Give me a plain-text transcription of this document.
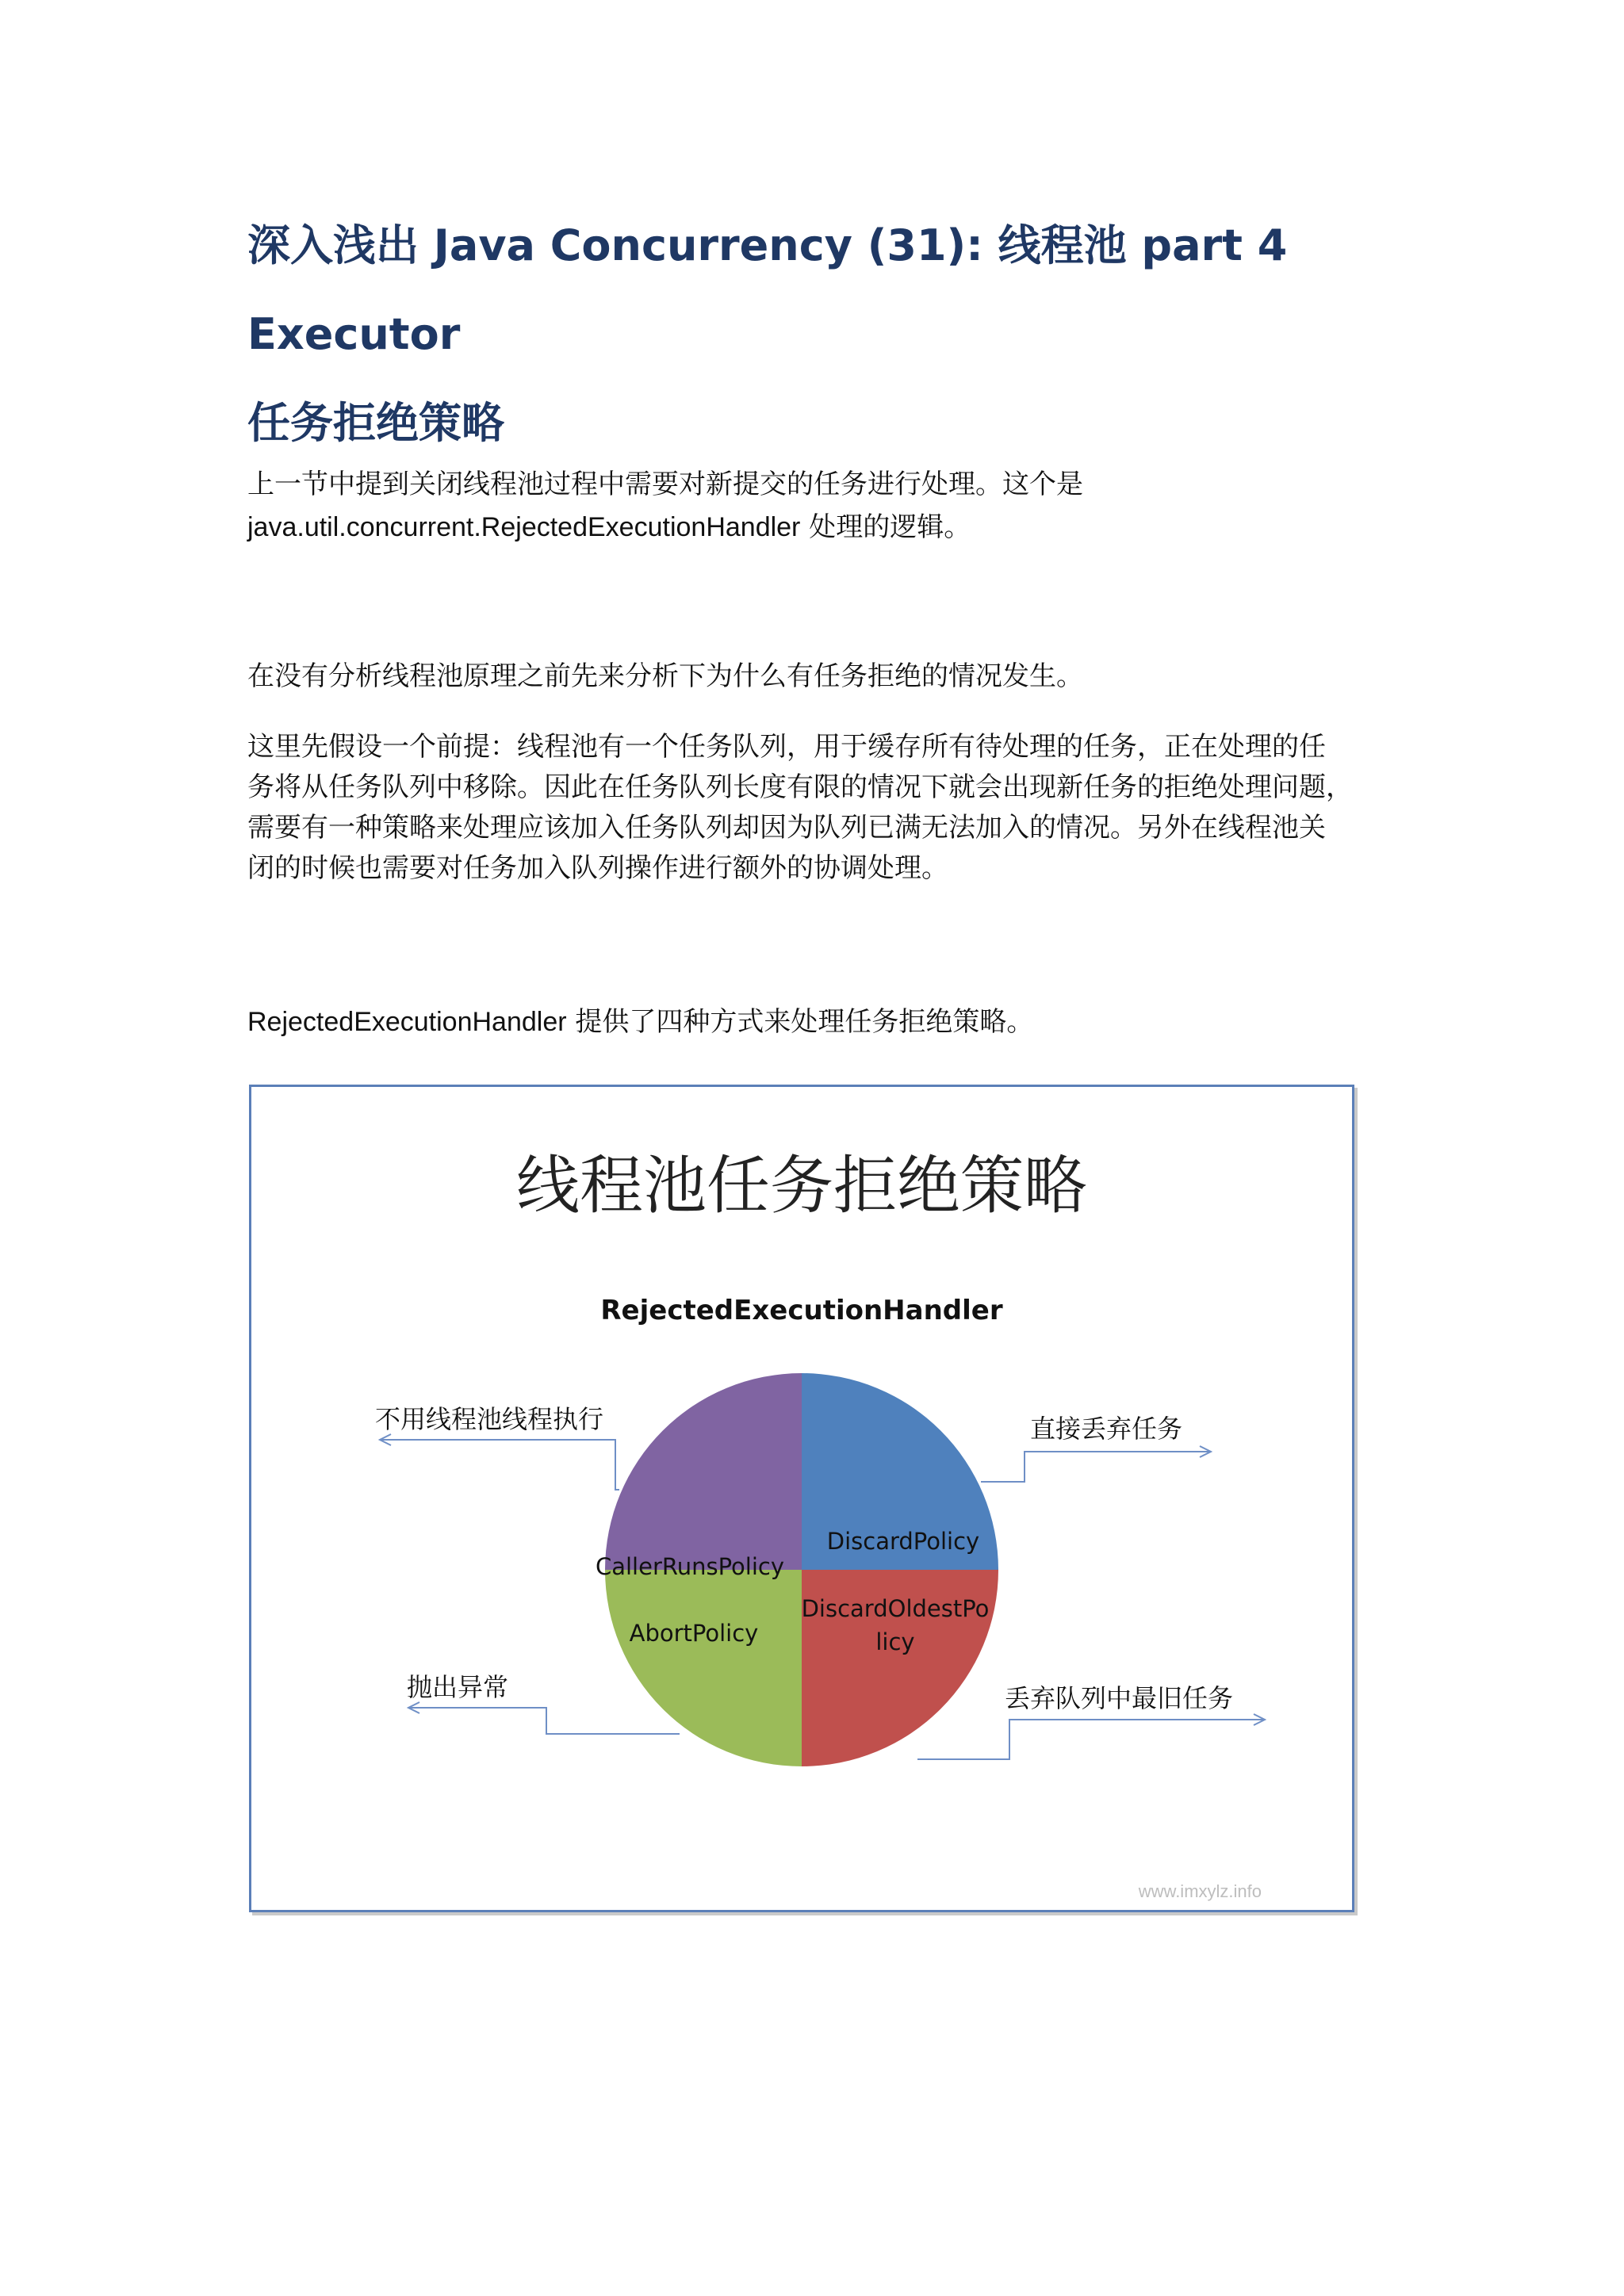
深入浅出 Java Concurrency (31): 线程池 part 4 Executor
任务拒绝策略
上一节中提到关闭线程池过程中需要对新提交的任务进行处理。这个是
java.util.concurrent.RejectedExecutionHandler 处理的逻辑。
在没有分析线程池原理之前先来分析下为什么有任务拒绝的情况发生。
这里先假设一个前提：线程池有一个任务队列，用于缓存所有待处理的任务，正在处理的任
务将从任务队列中移除。因此在任务队列长度有限的情况下就会出现新任务的拒绝处理问题，
需要有一种策略来处理应该加入任务队列却因为队列已满无法加入的情况。另外在线程池关
闭的时候也需要对任务加入队列操作进行额外的协调处理。
RejectedExecutionHandler 提供了四种方式来处理任务拒绝策略。
线程池任务拒绝策略
RejectedExecutionHandler
DiscardPolicy
DiscardOldestPo
licy
AbortPolicy
CallerRunsPolicy
不用线程池线程执行	直接丢弃任务
抛出异常	丢弃队列中最旧任务
www.imxylz.info
